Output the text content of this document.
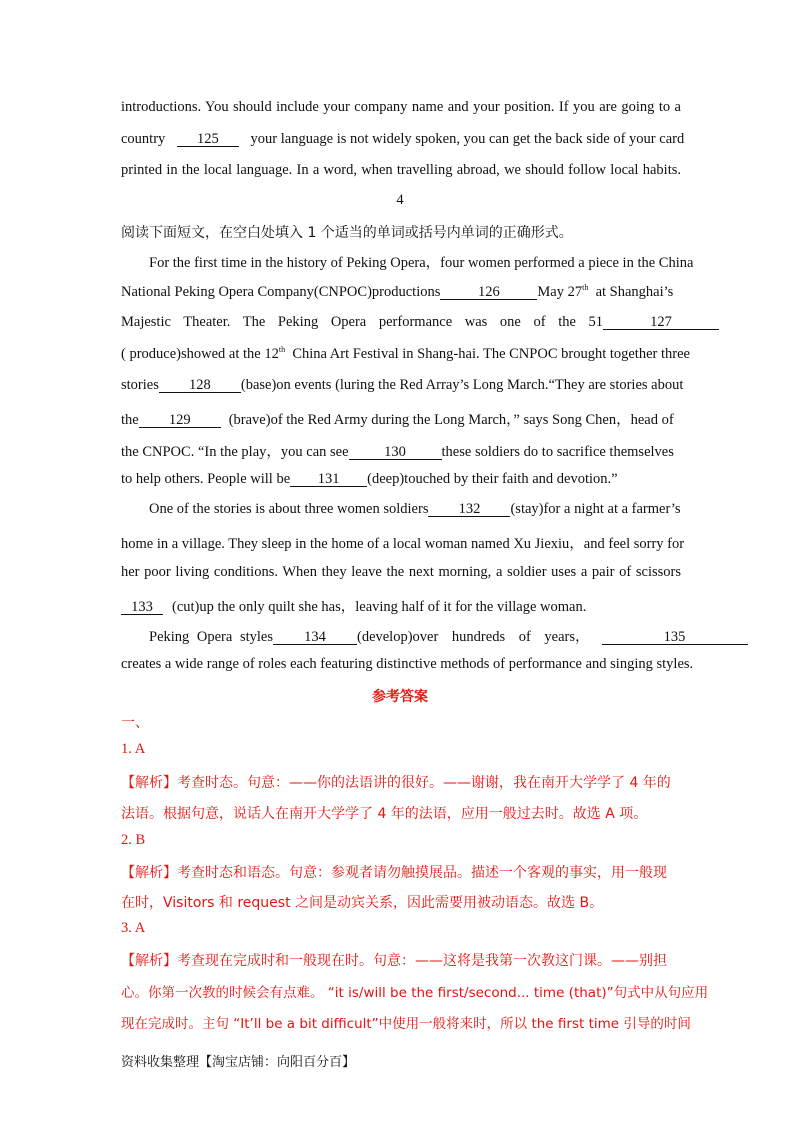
introductions. You should include your company name and your position. If you are going to a
country 125 your language is not widely spoken, you can get the back side of your card
printed in the local language. In a word, when travelling abroad, we should follow local habits.
4
阅读下面短文，在空白处填入 1 个适当的单词或括号内单词的正确形式。
For the first time in the history of Peking Opera，four women performed a piece in the China
National Peking Opera Company(CNPOC)productions	126	May 27th at Shanghai’s
Majestic Theater. The Peking Opera performance was one of the 51	127
( produce)showed at the 12th China Art Festival in Shang-hai. The CNPOC brought together three
stories 128 (base)on events (luring the Red Array’s Long March.“They are stories about
the 129	(brave)of the Red Army during the Long March，” says Song Chen，head of
the CNPOC. “In the play，you can see 130 these soldiers do to sacrifice themselves
to help others. People will be 131 (deep)touched by their faith and devotion.”
One of the stories is about three women soldiers 132 (stay)for a night at a farmer’s
home in a village. They sleep in the home of a local woman named Xu Jiexiu，and feel sorry for
her poor living conditions. When they leave the next morning, a soldier uses a pair of scissors
133 (cut)up the only quilt she has，leaving half of it for the village woman.
Peking Opera styles 134 (develop)over hundreds of years，	135
creates a wide range of roles each featuring distinctive methods of performance and singing styles.
参考答案
一、
1. A
【解析】考查时态。句意：——你的法语讲的很好。——谢谢，我在南开大学学了 4 年的
法语。根据句意，说话人在南开大学学了 4 年的法语，应用一般过去时。故选 A 项。
2. B
【解析】考查时态和语态。句意：参观者请勿触摸展品。描述一个客观的事实，用一般现
在时，Visitors 和 request 之间是动宾关系，因此需要用被动语态。故选 B。
3. A
【解析】考查现在完成时和一般现在时。句意：——这将是我第一次教这门课。——别担
心。你第一次教的时候会有点难。 “it is/will be the first/second... time (that)”句式中从句应用
现在完成时。主句 “It’ll be a bit difficult”中使用一般将来时，所以 the first time 引导的时间
资料收集整理【淘宝店铺：向阳百分百】
